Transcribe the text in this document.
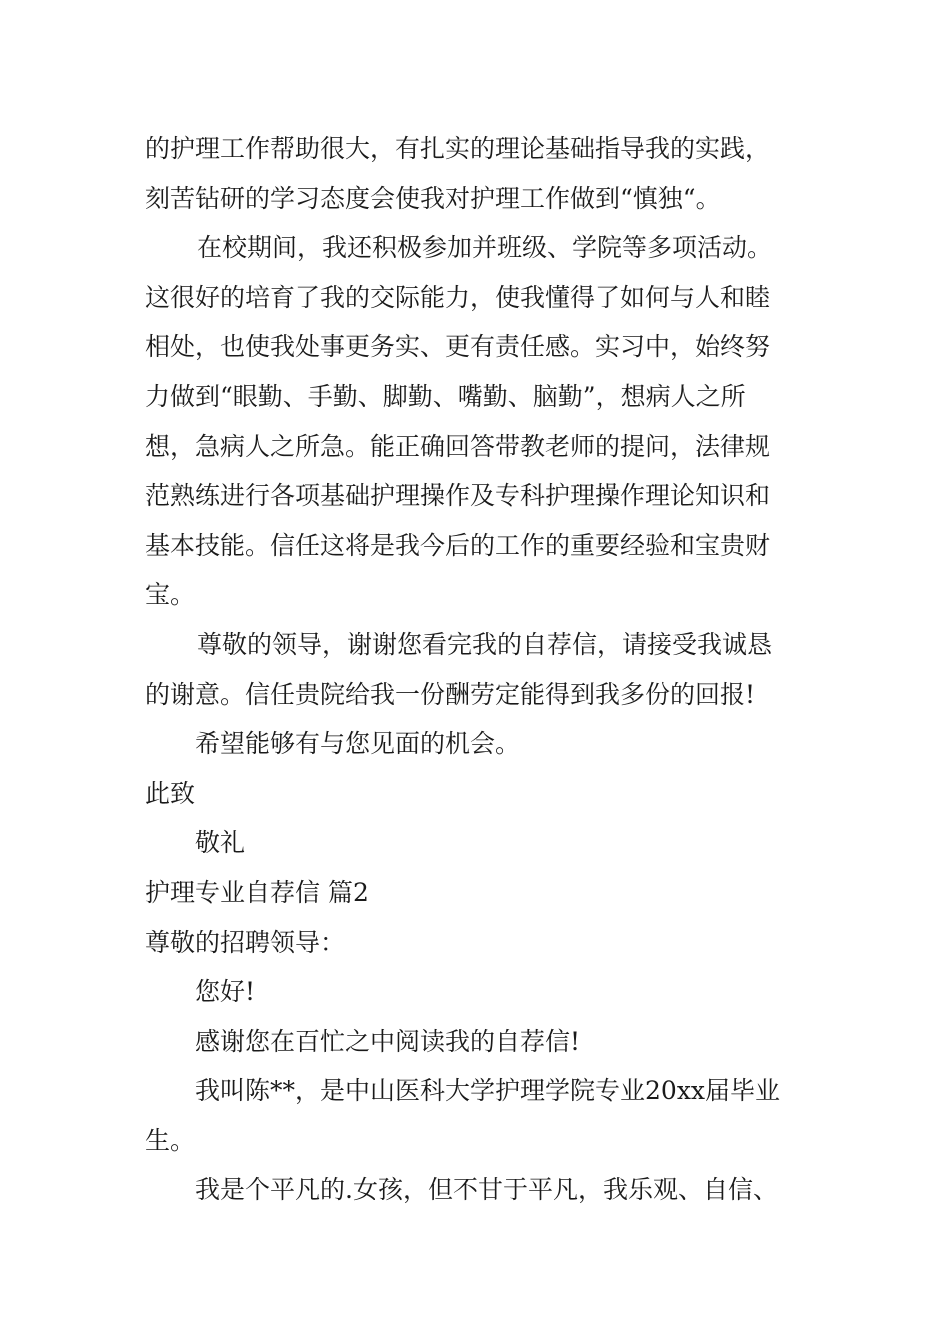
的护理工作帮助很大，有扎实的理论基础指导我的实践，
刻苦钻研的学习态度会使我对护理工作做到“慎独“。
在校期间，我还积极参加并班级、学院等多项活动。
这很好的培育了我的交际能力，使我懂得了如何与人和睦
相处，也使我处事更务实、更有责任感。实习中，始终努
力做到“眼勤、手勤、脚勤、嘴勤、脑勤”，想病人之所
想，急病人之所急。能正确回答带教老师的提问，法律规
范熟练进行各项基础护理操作及专科护理操作理论知识和
基本技能。信任这将是我今后的工作的重要经验和宝贵财
宝。
尊敬的领导，谢谢您看完我的自荐信，请接受我诚恳
的谢意。信任贵院给我一份酬劳定能得到我多份的回报!
希望能够有与您见面的机会。
此致
敬礼
护理专业自荐信 篇2
尊敬的招聘领导：
您好!
感谢您在百忙之中阅读我的自荐信!
我叫陈**，是中山医科大学护理学院专业20xx届毕业
生。
我是个平凡的.女孩，但不甘于平凡，我乐观、自信、
